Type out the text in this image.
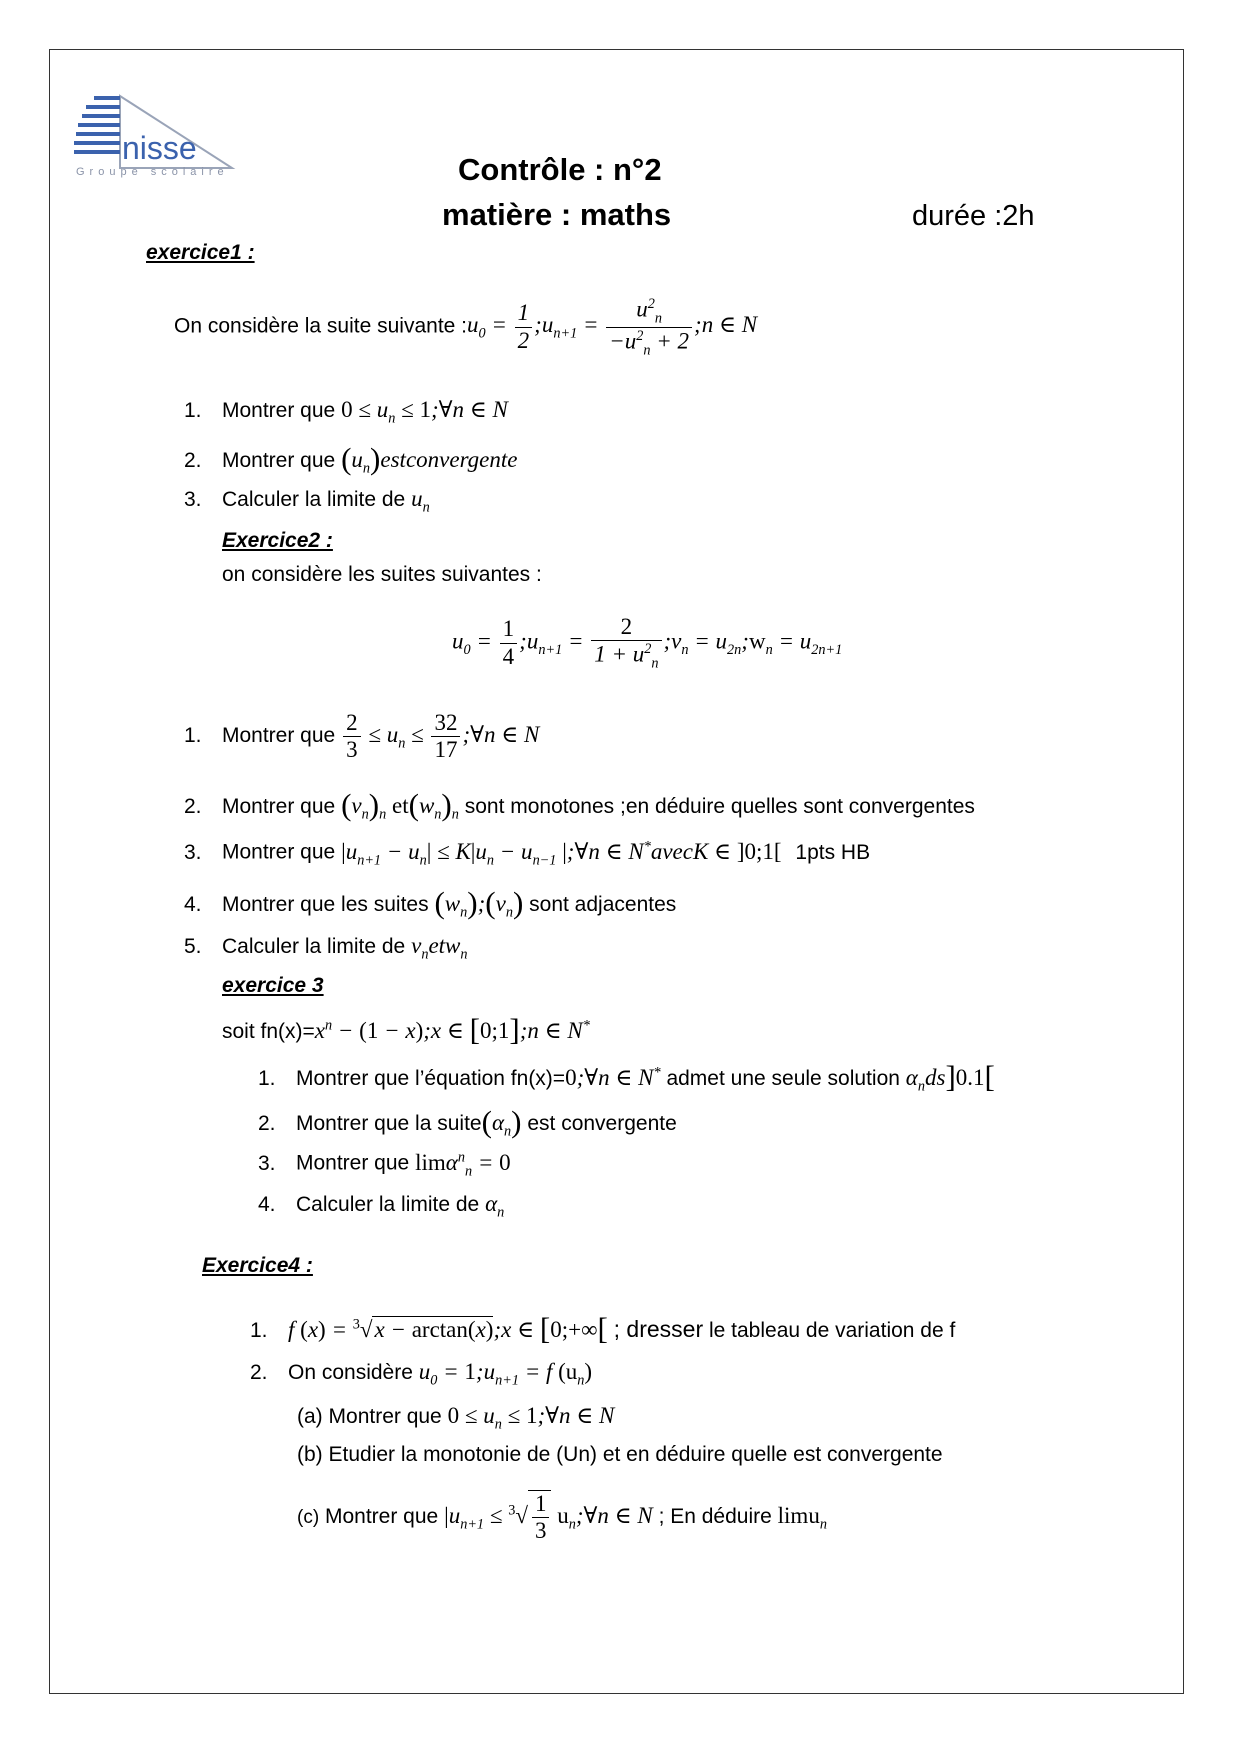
nisse
Groupe scolaire	Contrôle : n°2
matière : maths	durée :2h
exercice1 :
On considère la suite suivante $:u_0 = \frac{1}{2}$ $;u_{n+1} = \frac{u^2_n}{-u^2_n + 2}$ ;n ∈ N
1. Montrer que $0 \le u_n$ ≤ 1;∀n ∈ N
2. Montrer que $(u_n)estconvergente$
3. Calculer la limite de $u_n$
Exercice2 :
on considère les suites suivantes :
$u_0 = \frac{1}{4}$ $;u_{n+1} = \frac{2}{1 + u^2_n}$ $;v_n$ = $u_{2n};w_n = u_{2n+1}$
1. Montrer que $\frac{2}{3} \le u_n \le \frac{32}{17}$ ;∀n ∈ N
2. Montrer que $(v_n)_n$ $et(w_n)_n$ sont monotones ;en déduire quelles sont convergentes
3. Montrer que $|u_{n+1} - u_n| \le K|u_n - u_{n-1}$ |;∀n ∈ N*avecK ∈ ]0;1[ 1pts HB
4. Montrer que les suites $(w_n);(v_n)$ sont adjacentes
5. Calculer la limite de $v_netw_n$
exercice 3
soit $fn(x)=x^n - (1$ − x);x ∈ [0;1];n ∈ N*
1. Montrer que l’équation fn(x)=0;∀n ∈ N* admet une seule solution $\alpha_nds]0.1$[
2. Montrer que la $suite(\alpha_n)$ est convergente
3. Montrer que limα$^n_n$ = 0
4. Calculer la limite de $\alpha_n$
Exercice4 :
1. f (x) = $^3$√x − arctan(x);x ∈ [0;+∞[ ; dresser le tableau de variation de f
2. On considère $u_0$ = $1;u_{n+1} = f$ $(u_n)$
(a) Montrer que $0 \le u_n$ ≤ 1;∀n ∈ N
(b) Etudier la monotonie de (Un) et en déduire quelle est convergente
(c) Montrer que $|u_{n+1} \le ^3√ \frac{1}{3}$ $u_n;\forall n$ ∈ N ; En déduire limu$_n$
